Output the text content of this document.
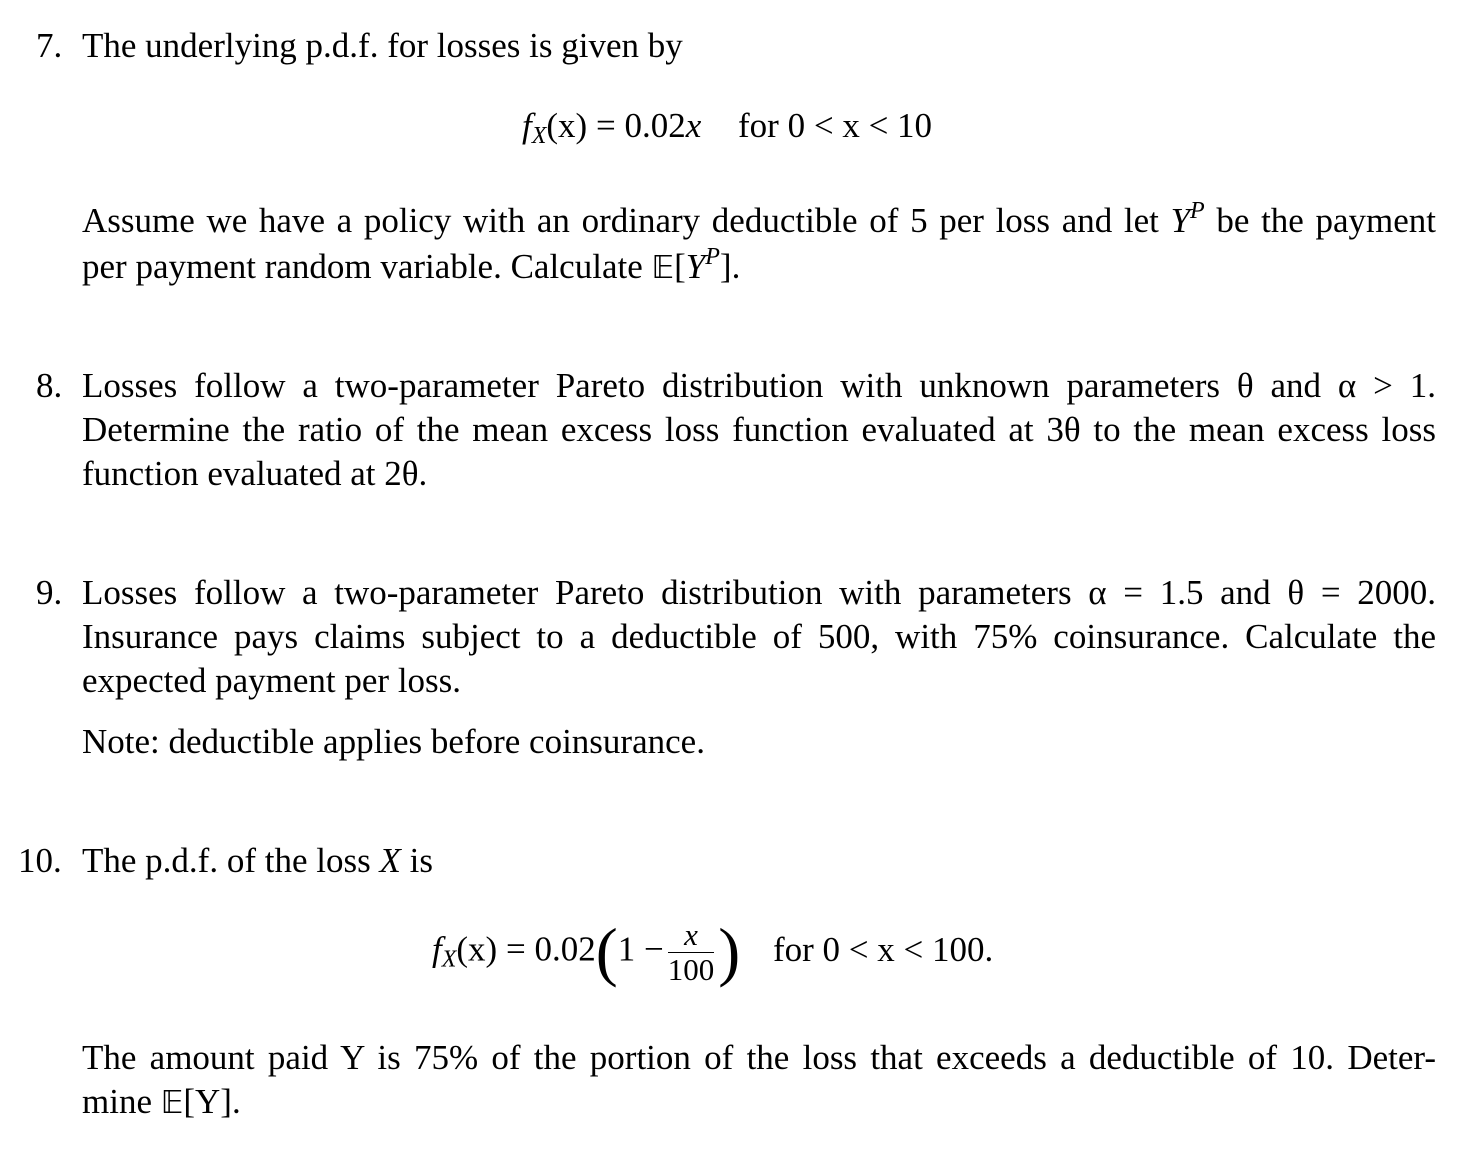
7. The underlying p.d.f. for losses is given by
$f_X(x) = 0.02x$ for 0 < x < 10
Assume we have a policy with an ordinary deductible of 5 per loss and let $Y^P$ be the payment
per payment random variable. Calculate $𝔼[Y^P]$.
8. Losses follow a two-parameter Pareto distribution with unknown parameters θ and α > 1.
Determine the ratio of the mean excess loss function evaluated at 3θ to the mean excess loss
function evaluated at 2θ.
9. Losses follow a two-parameter Pareto distribution with parameters α = 1.5 and θ = 2000.
Insurance pays claims subject to a deductible of 500, with 75% coinsurance. Calculate the
expected payment per loss.
Note: deductible applies before coinsurance.
10. The p.d.f. of the loss X is
$f_X(x) = 0.02(1 - \frac{x}{100}$ ) for 0 < x < 100.
The amount paid Y is 75% of the portion of the loss that exceeds a deductible of 10. Deter-
mine 𝔼[Y].
